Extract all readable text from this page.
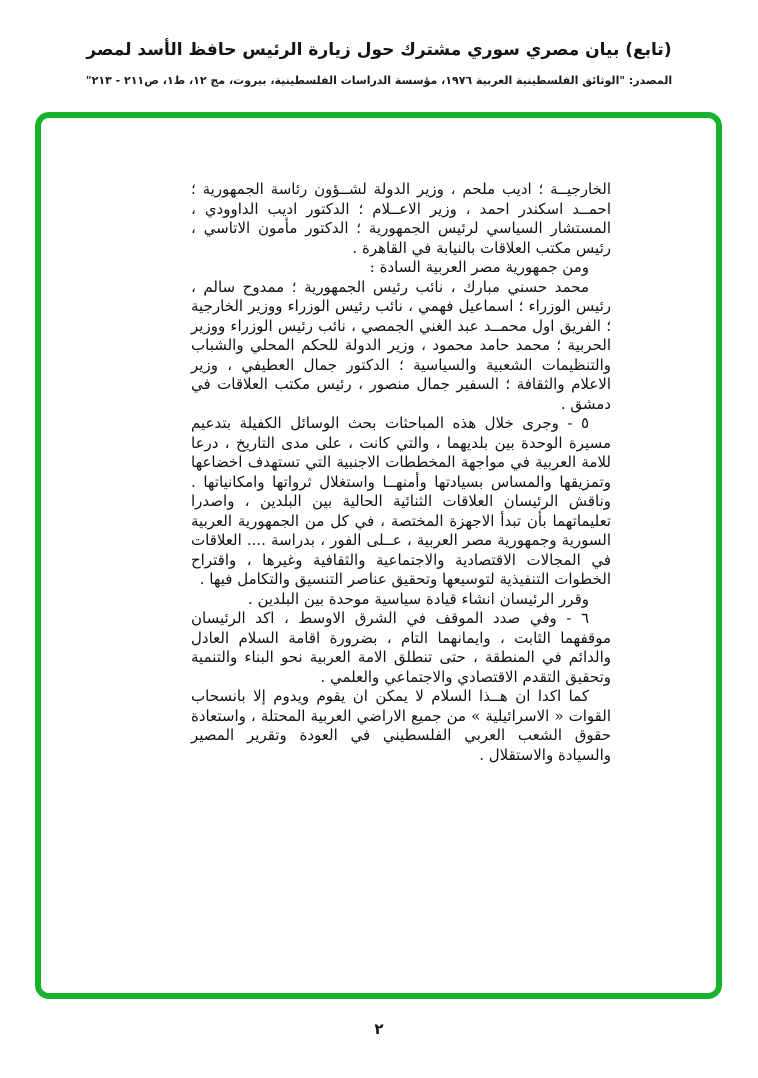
(تابع) بيان مصري سوري مشترك حول زيارة الرئيس حافظ الأسد لمصر
المصدر: "الوثائق الفلسطينية العربية ١٩٧٦، مؤسسة الدراسات الفلسطينية، بيروت، مج ١٢، ط١، ص٢١١ - ٢١٣"

الخارجيــة ؛ اديب ملحم ، وزير الدولة لشــؤون رئاسة الجمهورية ؛ احمــد اسكندر احمد ، وزير الاعــلام ؛ الدكتور اديب الداوودي ، المستشار السياسي لرئيس الجمهورية ؛ الدكتور مأمون الاتاسي ، رئيس مكتب العلاقات بالنيابة في القاهرة .

ومن جمهورية مصر العربية السادة :

محمد حسني مبارك ، نائب رئيس الجمهورية ؛ ممدوح سالم ، رئيس الوزراء ؛ اسماعيل فهمي ، نائب رئيس الوزراء ووزير الخارجية ؛ الفريق اول محمــد عبد الغني الجمصي ، نائب رئيس الوزراء ووزير الحربية ؛ محمد حامد محمود ، وزير الدولة للحكم المحلي والشباب والتنظيمات الشعبية والسياسية ؛ الدكتور جمال العطيفي ، وزير الاعلام والثقافة ؛ السفير جمال منصور ، رئيس مكتب العلاقات في دمشق .

٥ - وجرى خلال هذه المباحثات بحث الوسائل الكفيلة بتدعيم مسيرة الوحدة بين بلديهما ، والتي كانت ، على مدى التاريخ ، درعا للامة العربية في مواجهة المخططات الاجنبية التي تستهدف اخضاعها وتمزيقها والمساس بسيادتها وأمنهــا واستغلال ثرواتها وامكانياتها . وناقش الرئيسان العلاقات الثنائية الحالية بين البلدين ، واصدرا تعليماتهما بأن تبدأ الاجهزة المختصة ، في كل من الجمهورية العربية السورية وجمهورية مصر العربية ، عــلى الفور ، بدراسة .... العلاقات في المجالات الاقتصادية والاجتماعية والثقافية وغيرها ، واقتراح الخطوات التنفيذية لتوسيعها وتحقيق عناصر التنسيق والتكامل فيها .

وقرر الرئيسان انشاء قيادة سياسية موحدة بين البلدين .

٦ - وفي صدد الموقف في الشرق الاوسط ، اكد الرئيسان موقفهما الثابت ، وايمانهما التام ، بضرورة اقامة السلام العادل والدائم في المنطقة ، حتى تنطلق الامة العربية نحو البناء والتنمية وتحقيق التقدم الاقتصادي والاجتماعي والعلمي .

كما اكدا ان هــذا السلام لا يمكن ان يقوم ويدوم إلا بانسحاب القوات « الاسرائيلية » من جميع الاراضي العربية المحتلة ، واستعادة حقوق الشعب العربي الفلسطيني في العودة وتقرير المصير والسيادة والاستقلال .

٢
